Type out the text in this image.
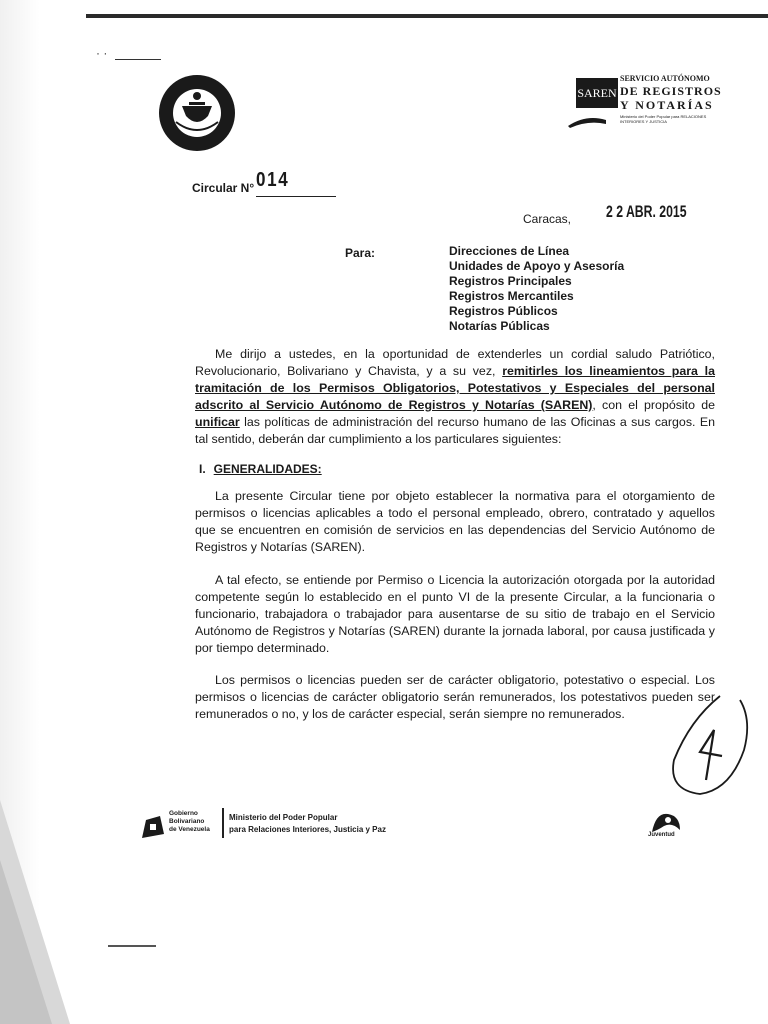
· ·
SAREN
SERVICIO AUTÓNOMO
DE REGISTROS
Y NOTARÍAS
Ministerio del Poder Popular para RELACIONES INTERIORES Y JUSTICIA
Circular N° 014
Caracas, 2 2 ABR. 2015
Para:	Direcciones de Línea
Unidades de Apoyo y Asesoría
Registros Principales
Registros Mercantiles
Registros Públicos
Notarías Públicas
Me dirijo a ustedes, en la oportunidad de extenderles un cordial saludo Patriótico, Revolucionario, Bolivariano y Chavista, y a su vez, remitirles los lineamientos para la tramitación de los Permisos Obligatorios, Potestativos y Especiales del personal adscrito al Servicio Autónomo de Registros y Notarías (SAREN), con el propósito de unificar las políticas de administración del recurso humano de las Oficinas a sus cargos. En tal sentido, deberán dar cumplimiento a los particulares siguientes:
I. GENERALIDADES:
La presente Circular tiene por objeto establecer la normativa para el otorgamiento de permisos o licencias aplicables a todo el personal empleado, obrero, contratado y aquellos que se encuentren en comisión de servicios en las dependencias del Servicio Autónomo de Registros y Notarías (SAREN).
A tal efecto, se entiende por Permiso o Licencia la autorización otorgada por la autoridad competente según lo establecido en el punto VI de la presente Circular, a la funcionaria o funcionario, trabajadora o trabajador para ausentarse de su sitio de trabajo en el Servicio Autónomo de Registros y Notarías (SAREN) durante la jornada laboral, por causa justificada y por tiempo determinado.
Los permisos o licencias pueden ser de carácter obligatorio, potestativo o especial. Los permisos o licencias de carácter obligatorio serán remunerados, los potestativos pueden ser remunerados o no, y los de carácter especial, serán siempre no remunerados.
Gobierno
Bolivariano
de Venezuela
Ministerio del Poder Popular
para Relaciones Interiores, Justicia y Paz
Juventud
